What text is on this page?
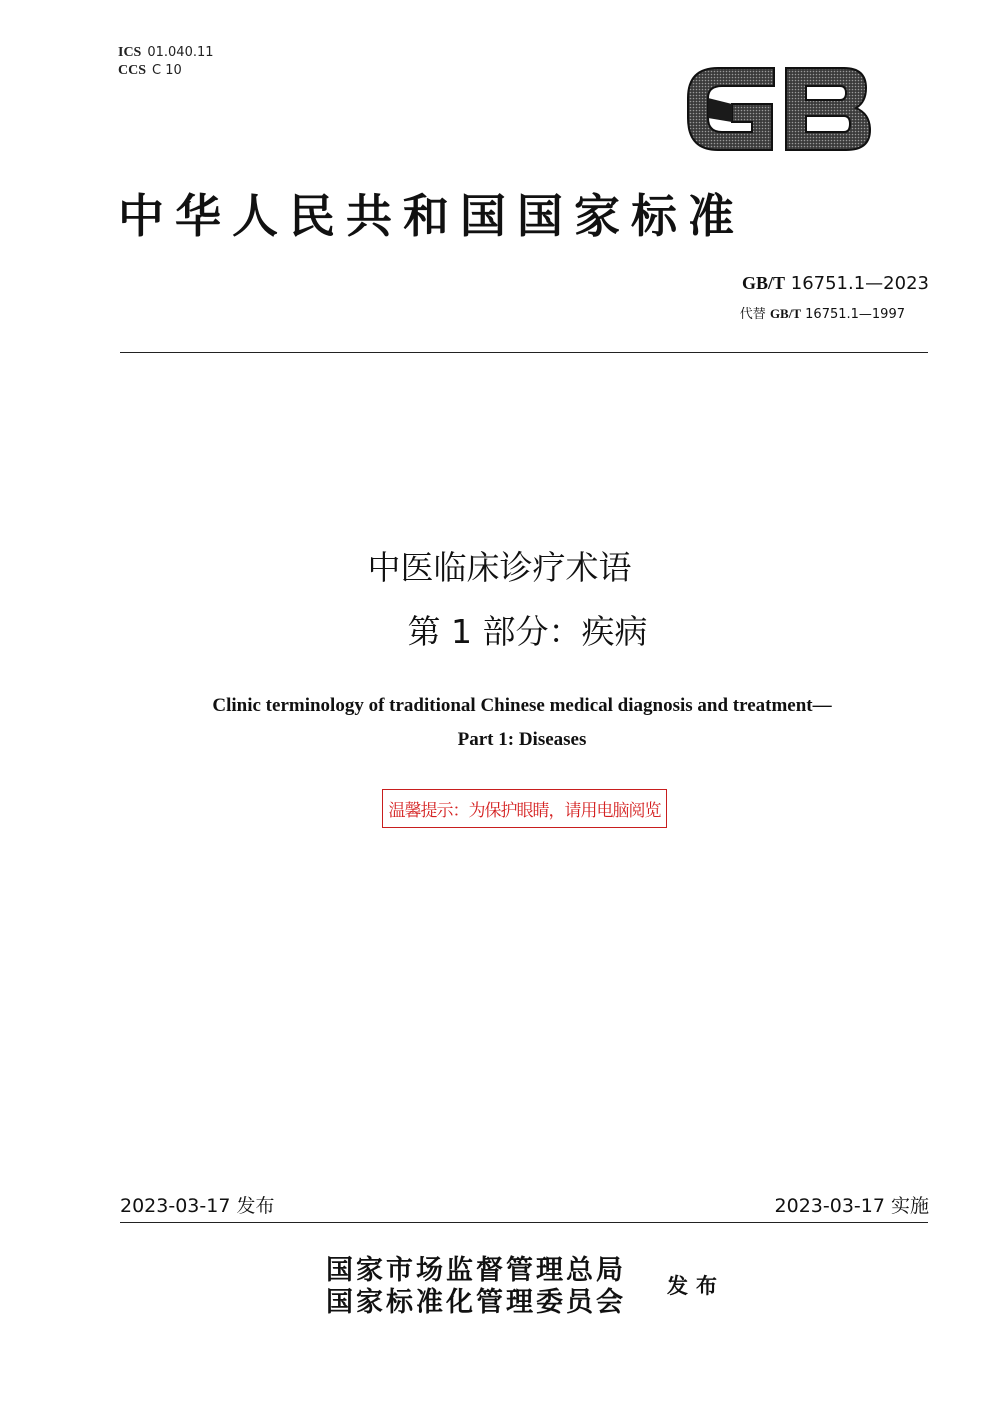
ICS 01.040.11
CCS C 10
中华人民共和国国家标准
GB/T 16751.1—2023
代替 GB/T 16751.1—1997
中医临床诊疗术语
第 1 部分：疾病
Clinic terminology of traditional Chinese medical diagnosis and treatment—
Part 1: Diseases
温馨提示：为保护眼睛，请用电脑阅览
2023-03-17 发布	2023-03-17 实施
国家市场监督管理总局
国家标准化管理委员会
发布
